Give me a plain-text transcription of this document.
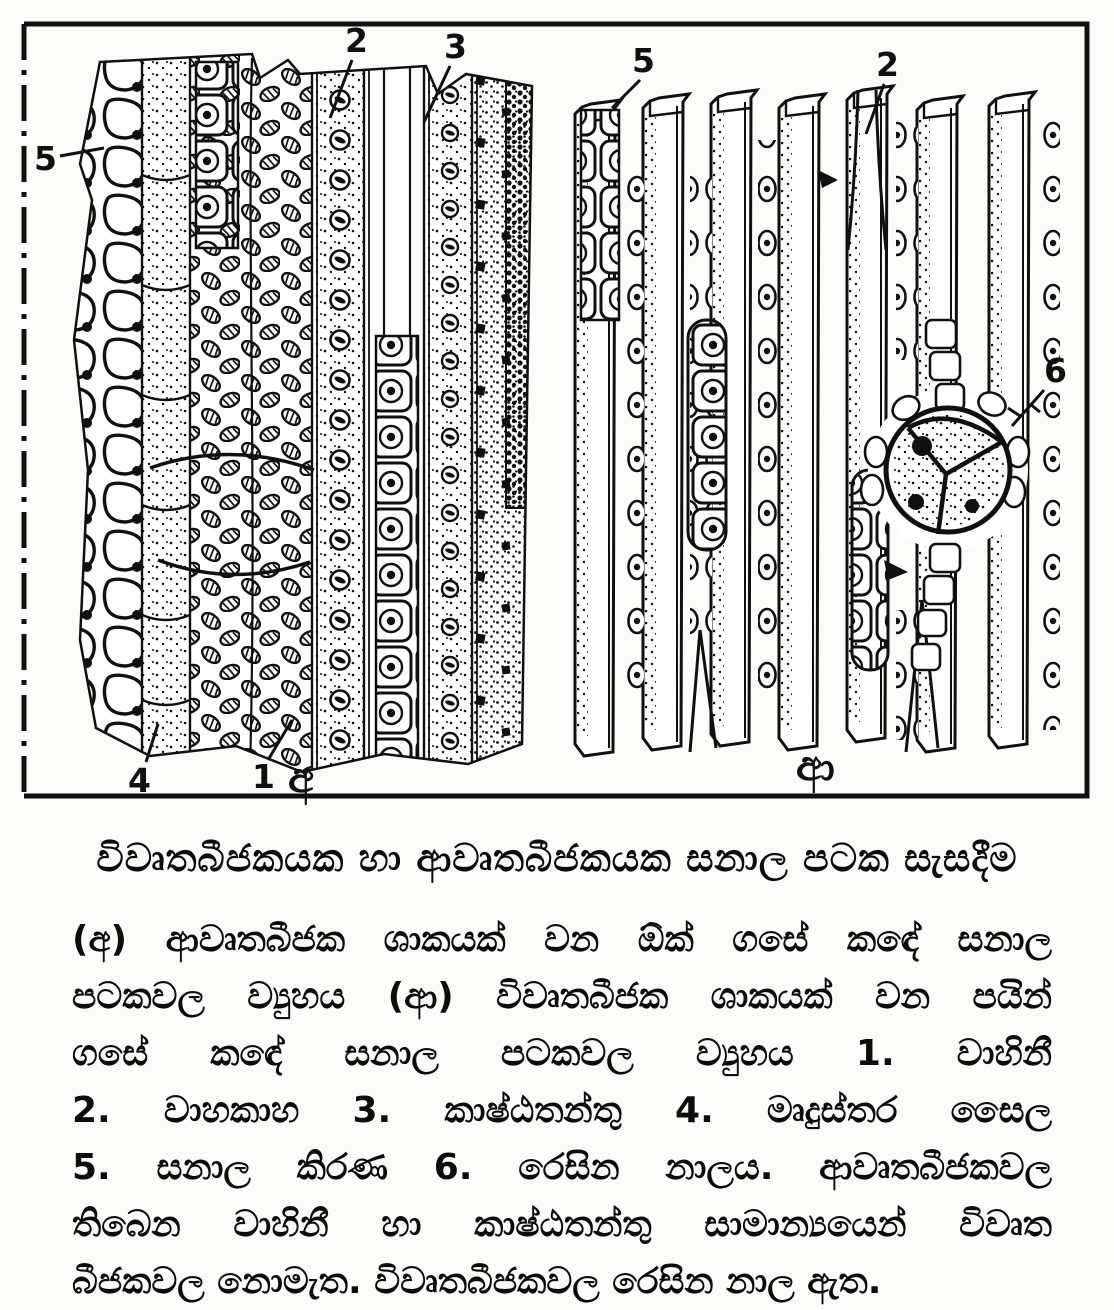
2 3
5
4	1 අ
5	2
6
ආ
විවෘතබීජකයක හා ආවෘතබීජකයක සනාල පටක සැසදීම
(අ) ආවෘතබීජක ශාකයක් වන ඕක් ගසේ කඳේ සනාල
පටකවල ව්‍යුහය (ආ) විවෘතබීජක ශාකයක් වන පයින්
ගසේ කඳේ සනාල පටකවල ව්‍යුහය 1. වාහිනී
2. වාහකාහ 3. කාෂ්ඨතන්තු 4. මෘදුස්තර සෛල
5. සනාල කිරණ 6. රෙසින නාලය. ආවෘතබීජකවල
තිබෙන වාහිනී හා කාෂ්ඨතන්තු සාමාන්‍යයෙන් විවෘත
බීජකවල නොමැත. විවෘතබීජකවල රෙසින නාල ඇත.
